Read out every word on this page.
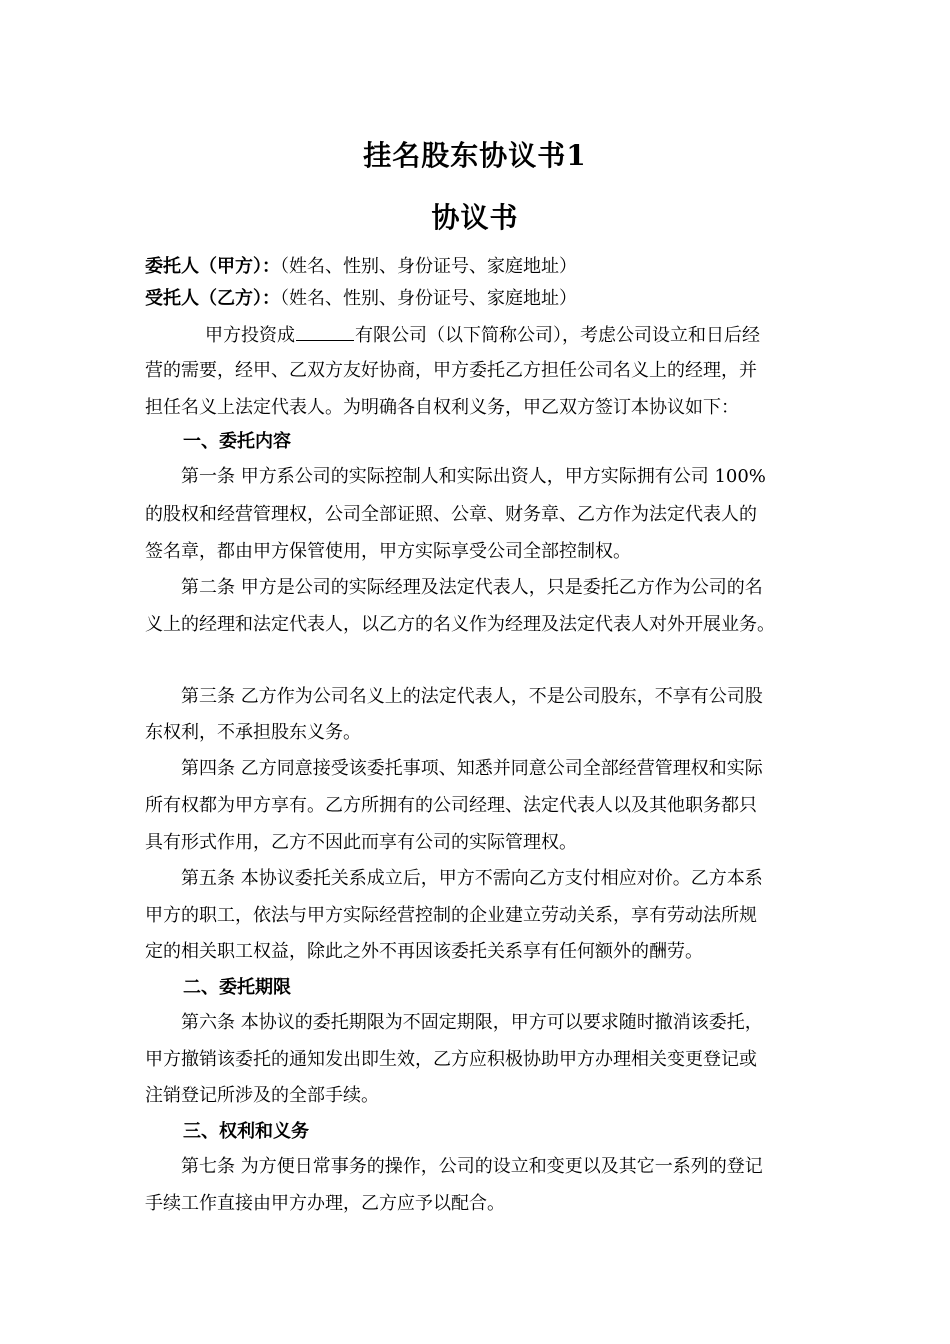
挂名股东协议书1
协议书
委托人（甲方）：（姓名、性别、身份证号、家庭地址）
受托人（乙方）：（姓名、性别、身份证号、家庭地址）
甲方投资成	有限公司（以下简称公司），考虑公司设立和日后经
营的需要，经甲、乙双方友好协商，甲方委托乙方担任公司名义上的经理，并
担任名义上法定代表人。为明确各自权利义务，甲乙双方签订本协议如下：
一、委托内容
第一条 甲方系公司的实际控制人和实际出资人，甲方实际拥有公司 100%
的股权和经营管理权，公司全部证照、公章、财务章、乙方作为法定代表人的
签名章，都由甲方保管使用，甲方实际享受公司全部控制权。
第二条 甲方是公司的实际经理及法定代表人，只是委托乙方作为公司的名
义上的经理和法定代表人，以乙方的名义作为经理及法定代表人对外开展业务。
第三条 乙方作为公司名义上的法定代表人，不是公司股东，不享有公司股
东权利，不承担股东义务。
第四条 乙方同意接受该委托事项、知悉并同意公司全部经营管理权和实际
所有权都为甲方享有。乙方所拥有的公司经理、法定代表人以及其他职务都只
具有形式作用，乙方不因此而享有公司的实际管理权。
第五条 本协议委托关系成立后，甲方不需向乙方支付相应对价。乙方本系
甲方的职工，依法与甲方实际经营控制的企业建立劳动关系，享有劳动法所规
定的相关职工权益，除此之外不再因该委托关系享有任何额外的酬劳。
二、委托期限
第六条 本协议的委托期限为不固定期限，甲方可以要求随时撤消该委托，
甲方撤销该委托的通知发出即生效，乙方应积极协助甲方办理相关变更登记或
注销登记所涉及的全部手续。
三、权利和义务
第七条 为方便日常事务的操作，公司的设立和变更以及其它一系列的登记
手续工作直接由甲方办理，乙方应予以配合。
